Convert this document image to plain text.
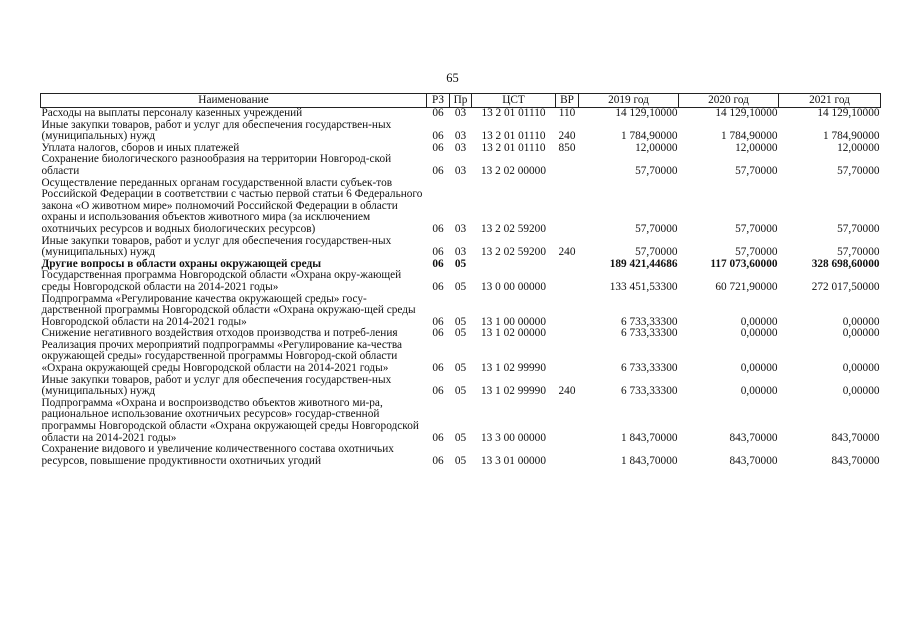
65
Наименование	РЗ	Пр	ЦСТ	ВР	2019 год	2020 год	2021 год
Расходы на выплаты персоналу казенных учреждений	06	03	13 2 01 01110	110	14 129,10000	14 129,10000	14 129,10000
Иные закупки товаров, работ и услуг для обеспечения государствен-ных (муниципальных) нужд	06	03	13 2 01 01110	240	1 784,90000	1 784,90000	1 784,90000
Уплата налогов, сборов и иных платежей	06	03	13 2 01 01110	850	12,00000	12,00000	12,00000
Сохранение биологического разнообразия на территории Новгород-ской области	06	03	13 2 02 00000		57,70000	57,70000	57,70000
Осуществление переданных органам государственной власти субъек-тов Российской Федерации в соответствии с частью первой статьи 6 Федерального закона «О животном мире» полномочий Российской Федерации в области охраны и использования объектов животного мира (за исключением охотничьих ресурсов и водных биологических ресурсов)	06	03	13 2 02 59200		57,70000	57,70000	57,70000
Иные закупки товаров, работ и услуг для обеспечения государствен-ных (муниципальных) нужд	06	03	13 2 02 59200	240	57,70000	57,70000	57,70000
Другие вопросы в области охраны окружающей среды	06	05			189 421,44686	117 073,60000	328 698,60000
Государственная программа Новгородской области «Охрана окру-жающей среды Новгородской области на 2014-2021 годы»	06	05	13 0 00 00000		133 451,53300	60 721,90000	272 017,50000
Подпрограмма «Регулирование качества окружающей среды» госу-дарственной программы Новгородской области «Охрана окружаю-щей среды Новгородской области на 2014-2021 годы»	06	05	13 1 00 00000		6 733,33300	0,00000	0,00000
Снижение негативного воздействия отходов производства и потреб-ления	06	05	13 1 02 00000		6 733,33300	0,00000	0,00000
Реализация прочих мероприятий подпрограммы «Регулирование ка-чества окружающей среды» государственной программы Новгород-ской области «Охрана окружающей среды Новгородской области на 2014-2021 годы»	06	05	13 1 02 99990		6 733,33300	0,00000	0,00000
Иные закупки товаров, работ и услуг для обеспечения государствен-ных (муниципальных) нужд	06	05	13 1 02 99990	240	6 733,33300	0,00000	0,00000
Подпрограмма «Охрана и воспроизводство объектов животного ми-ра, рациональное использование охотничьих ресурсов» государ-ственной программы Новгородской области «Охрана окружающей среды Новгородской области на 2014-2021 годы»	06	05	13 3 00 00000		1 843,70000	843,70000	843,70000
Сохранение видового и увеличение количественного состава охотничьих ресурсов, повышение продуктивности охотничьих угодий	06	05	13 3 01 00000		1 843,70000	843,70000	843,70000
